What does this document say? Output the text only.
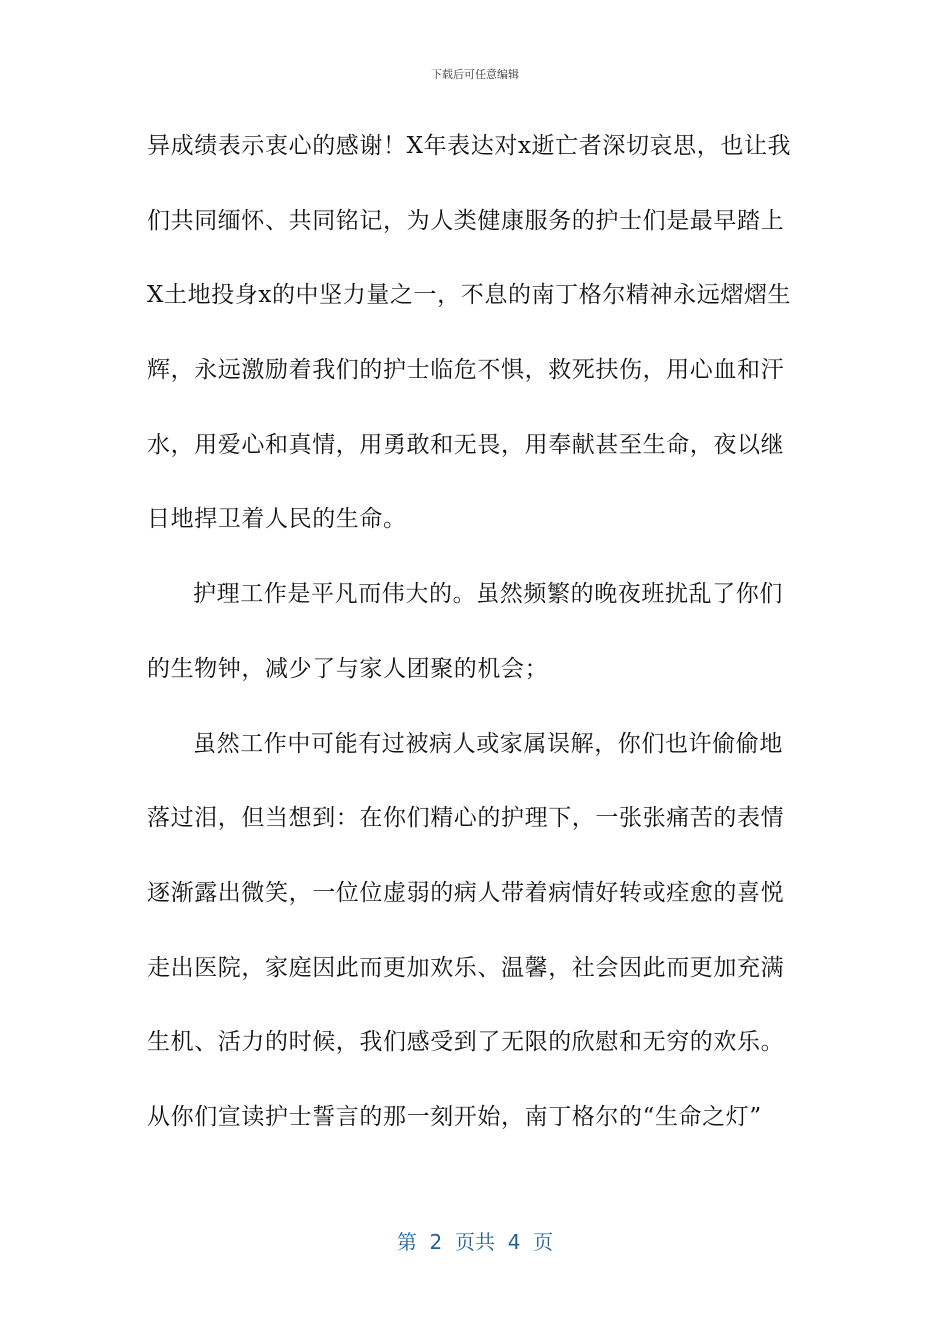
下载后可任意编辑
异成绩表示衷心的感谢！X年表达对x逝亡者深切哀思，也让我
们共同缅怀、共同铭记，为人类健康服务的护士们是最早踏上
X土地投身x的中坚力量之一，不息的南丁格尔精神永远熠熠生
辉，永远激励着我们的护士临危不惧，救死扶伤，用心血和汗
水，用爱心和真情，用勇敢和无畏，用奉献甚至生命，夜以继
日地捍卫着人民的生命。
护理工作是平凡而伟大的。虽然频繁的晚夜班扰乱了你们
的生物钟，减少了与家人团聚的机会；
虽然工作中可能有过被病人或家属误解，你们也许偷偷地
落过泪，但当想到：在你们精心的护理下，一张张痛苦的表情
逐渐露出微笑，一位位虚弱的病人带着病情好转或痊愈的喜悦
走出医院，家庭因此而更加欢乐、温馨，社会因此而更加充满
生机、活力的时候，我们感受到了无限的欣慰和无穷的欢乐。
从你们宣读护士誓言的那一刻开始，南丁格尔的“生命之灯”
第  2  页共  4  页
